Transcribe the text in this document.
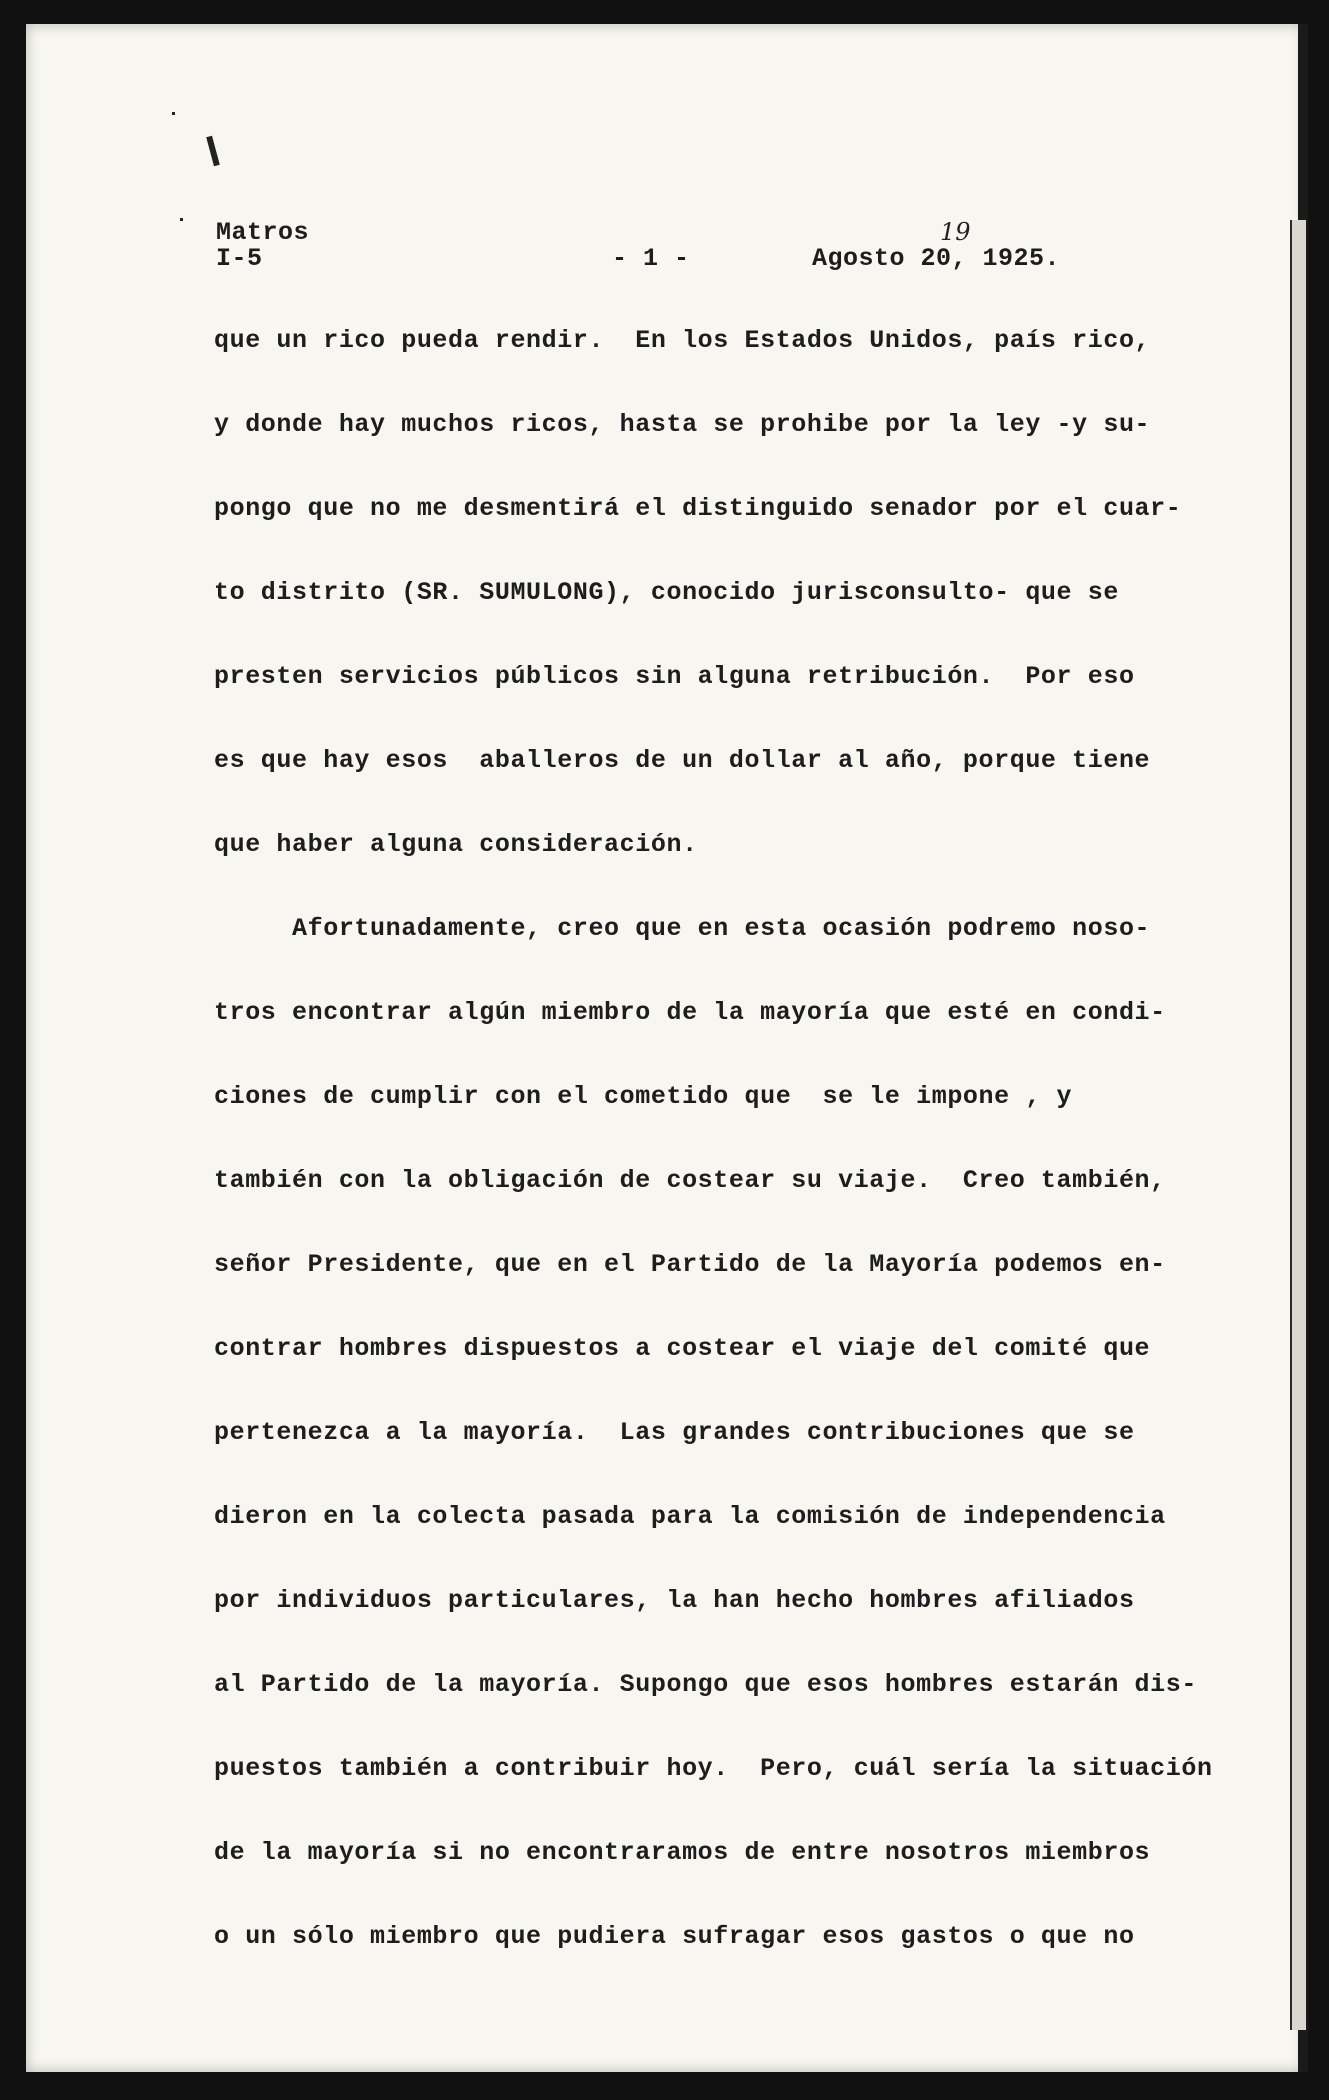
Matros
I-5	- 1 -	Agosto 20, 1925.
19
que un rico pueda rendir.  En los Estados Unidos, país rico,
y donde hay muchos ricos, hasta se prohibe por la ley -y su-
pongo que no me desmentirá el distinguido senador por el cuar-
to distrito (SR. SUMULONG), conocido jurisconsulto- que se
presten servicios públicos sin alguna retribución.  Por eso
es que hay esos  aballeros de un dollar al año, porque tiene
que haber alguna consideración.
Afortunadamente, creo que en esta ocasión podremo noso-
tros encontrar algún miembro de la mayoría que esté en condi-
ciones de cumplir con el cometido que  se le impone , y
también con la obligación de costear su viaje.  Creo también,
señor Presidente, que en el Partido de la Mayoría podemos en-
contrar hombres dispuestos a costear el viaje del comité que
pertenezca a la mayoría.  Las grandes contribuciones que se
dieron en la colecta pasada para la comisión de independencia
por individuos particulares, la han hecho hombres afiliados
al Partido de la mayoría. Supongo que esos hombres estarán dis-
puestos también a contribuir hoy.  Pero, cuál sería la situación
de la mayoría si no encontraramos de entre nosotros miembros
o un sólo miembro que pudiera sufragar esos gastos o que no
